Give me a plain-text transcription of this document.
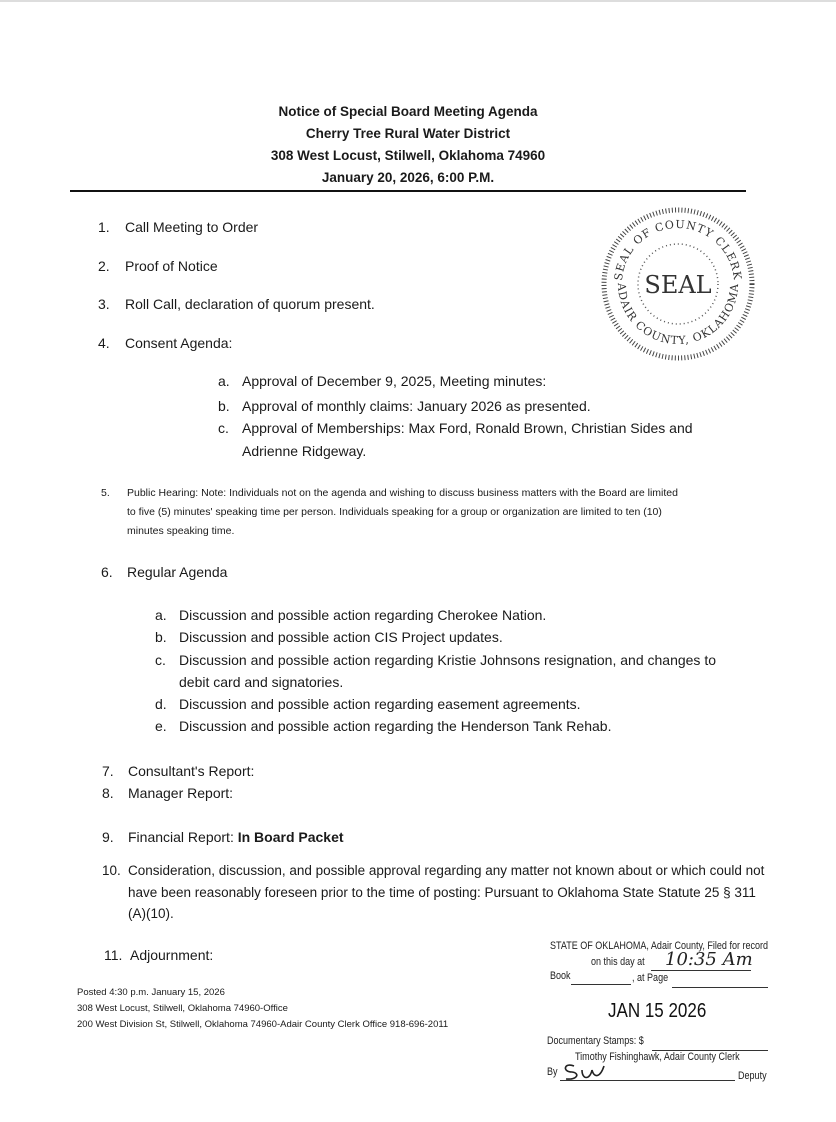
Notice of Special Board Meeting Agenda
Cherry Tree Rural Water District
308 West Locust, Stilwell, Oklahoma 74960
January 20, 2026, 6:00 P.M.
1. Call Meeting to Order
2. Proof of Notice
3. Roll Call, declaration of quorum present.
4. Consent Agenda:
a. Approval of December 9, 2025, Meeting minutes:
b. Approval of monthly claims: January 2026 as presented.
c. Approval of Memberships: Max Ford, Ronald Brown, Christian Sides and
Adrienne Ridgeway.
5. Public Hearing: Note: Individuals not on the agenda and wishing to discuss business matters with the Board are limited
to five (5) minutes' speaking time per person. Individuals speaking for a group or organization are limited to ten (10)
minutes speaking time.
6. Regular Agenda
a. Discussion and possible action regarding Cherokee Nation.
b. Discussion and possible action CIS Project updates.
c. Discussion and possible action regarding Kristie Johnsons resignation, and changes to
debit card and signatories.
d. Discussion and possible action regarding easement agreements.
e. Discussion and possible action regarding the Henderson Tank Rehab.
7. Consultant's Report:
8. Manager Report:
9. Financial Report: In Board Packet
10. Consideration, discussion, and possible approval regarding any matter not known about or which could not
have been reasonably foreseen prior to the time of posting: Pursuant to Oklahoma State Statute 25 § 311
(A)(10).
11. Adjournment:
Posted 4:30 p.m. January 15, 2026
308 West Locust, Stilwell, Oklahoma 74960-Office
200 West Division St, Stilwell, Oklahoma 74960-Adair County Clerk Office 918-696-2011
SEAL OF COUNTY CLERK
ADAIR COUNTY, OKLAHOMA
SEAL
STATE OF OKLAHOMA, Adair County, Filed for record
on this day at 10:35 Am
Book	, at Page
JAN 15 2026
Documentary Stamps: $
Timothy Fishinghawk, Adair County Clerk
By	Deputy
